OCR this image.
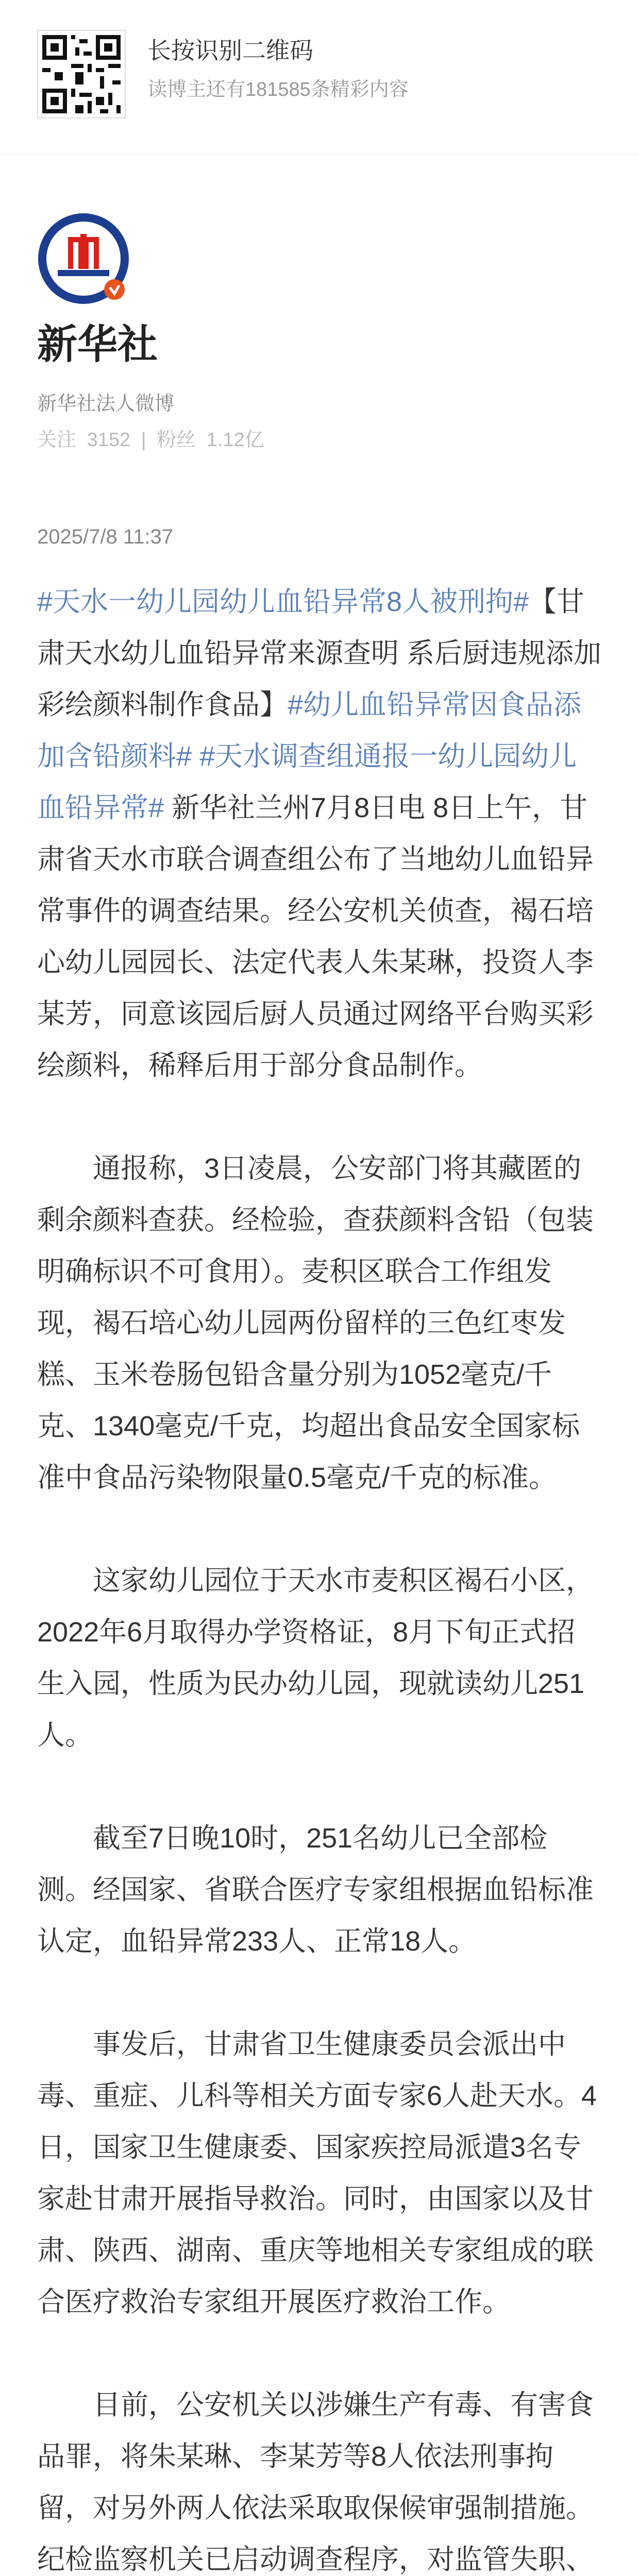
长按识别二维码
读博主还有181585条精彩内容
新华社
新华社法人微博
关注 3152 | 粉丝 1.12亿
2025/7/8 11:37

#天水一幼儿园幼儿血铅异常8人被刑拘#【甘肃天水幼儿血铅异常来源查明 系后厨违规添加彩绘颜料制作食品】#幼儿血铅异常因食品添加含铅颜料# #天水调查组通报一幼儿园幼儿血铅异常# 新华社兰州7月8日电 8日上午，甘肃省天水市联合调查组公布了当地幼儿血铅异常事件的调查结果。经公安机关侦查，褐石培心幼儿园园长、法定代表人朱某琳，投资人李某芳，同意该园后厨人员通过网络平台购买彩绘颜料，稀释后用于部分食品制作。

通报称，3日凌晨，公安部门将其藏匿的剩余颜料查获。经检验，查获颜料含铅（包装明确标识不可食用）。麦积区联合工作组发现，褐石培心幼儿园两份留样的三色红枣发糕、玉米卷肠包铅含量分别为1052毫克/千克、1340毫克/千克，均超出食品安全国家标准中食品污染物限量0.5毫克/千克的标准。

这家幼儿园位于天水市麦积区褐石小区，2022年6月取得办学资格证，8月下旬正式招生入园，性质为民办幼儿园，现就读幼儿251人。

截至7日晚10时，251名幼儿已全部检测。经国家、省联合医疗专家组根据血铅标准认定，血铅异常233人、正常18人。

事发后，甘肃省卫生健康委员会派出中毒、重症、儿科等相关方面专家6人赴天水。4日，国家卫生健康委、国家疾控局派遣3名专家赴甘肃开展指导救治。同时，由国家以及甘肃、陕西、湖南、重庆等地相关专家组成的联合医疗救治专家组开展医疗救治工作。

目前，公安机关以涉嫌生产有毒、有害食品罪，将朱某琳、李某芳等8人依法刑事拘留，对另外两人依法采取取保候审强制措施。纪检监察机关已启动调查程序，对监管失职、
